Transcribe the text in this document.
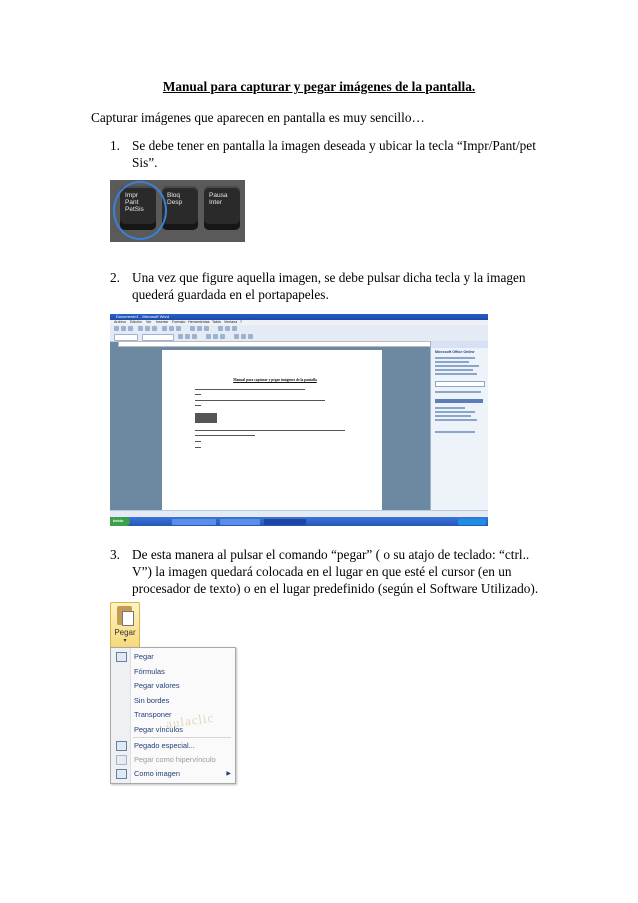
Manual para capturar y pegar imágenes de la pantalla.
Capturar imágenes que aparecen en pantalla es muy sencillo…
1. Se debe tener en pantalla la imagen deseada y ubicar la tecla “Impr/Pant/pet Sis”.
Impr
Pant
PetSis
Bloq
Desp
Pausa
Inter
2. Una vez que figure aquella imagen, se debe pulsar dicha tecla y la imagen quederá guardada en el portapapeles.
Documento1 - Microsoft Word
Archivo Edición Ver Insertar Formato Herramientas Tabla Ventana ?
Manual para capturar y pegar imágenes de la pantalla
Microsoft Office Online
Inicio
3. De esta manera al pulsar el comando “pegar” ( o su atajo de teclado: “ctrl.. V”) la imagen quedará colocada en el lugar en que esté el cursor (en un procesador de texto) o en el lugar predefinido (según el Software Utilizado).
Pegar
▾
aulaclic
Pegar
Fórmulas
Pegar valores
Sin bordes
Transponer
Pegar vínculos
Pegado especial...
Pegar como hipervínculo
Como imagen	▶
